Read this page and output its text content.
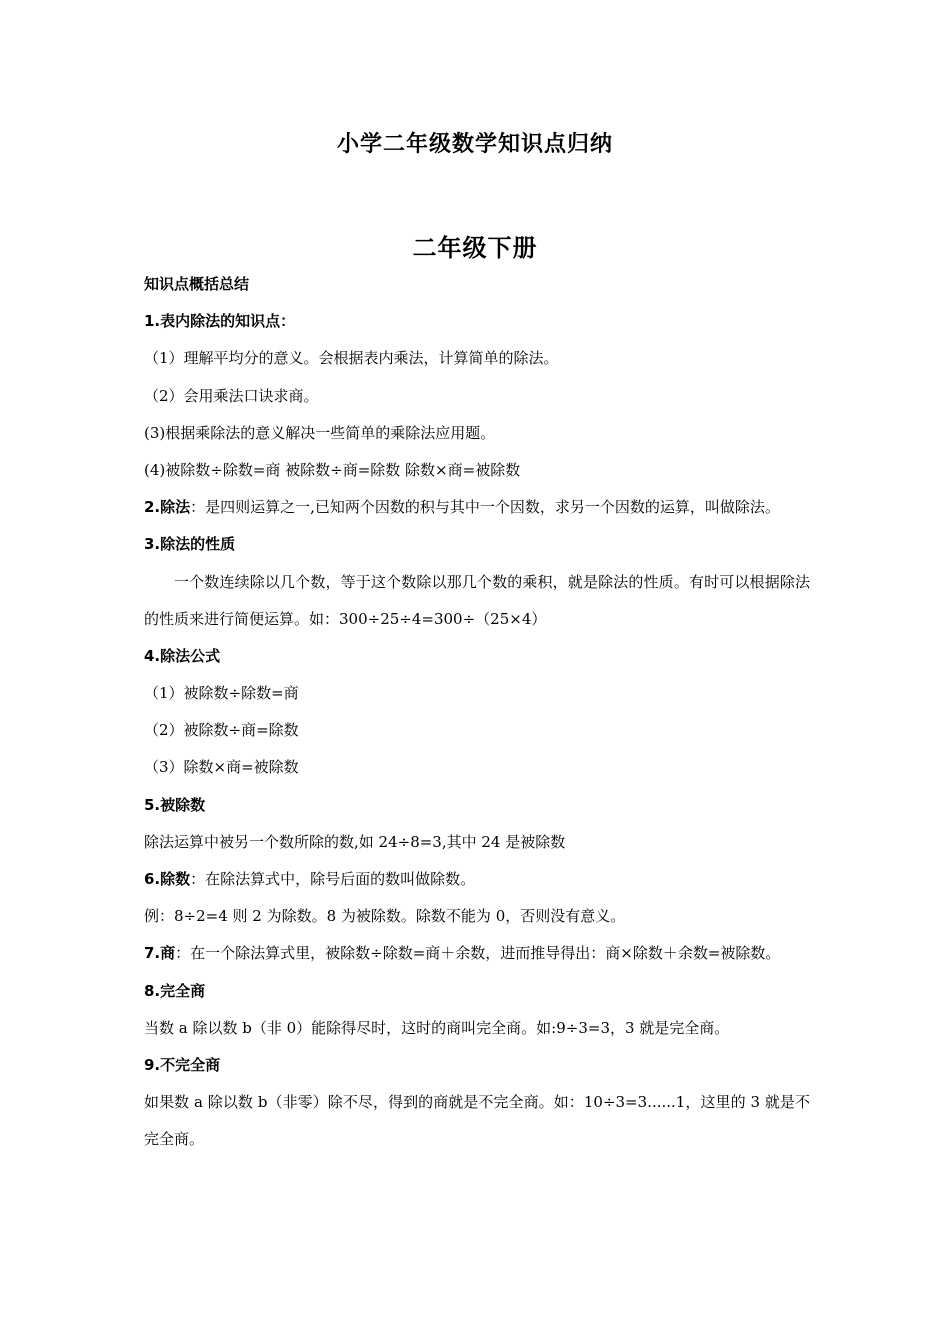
小学二年级数学知识点归纳
二年级下册
知识点概括总结
1.表内除法的知识点：
（1）理解平均分的意义。会根据表内乘法，计算简单的除法。
（2）会用乘法口诀求商。
(3)根据乘除法的意义解决一些简单的乘除法应用题。
(4)被除数÷除数=商 被除数÷商=除数 除数×商=被除数
2.除法：是四则运算之一,已知两个因数的积与其中一个因数，求另一个因数的运算，叫做除法。
3.除法的性质
一个数连续除以几个数，等于这个数除以那几个数的乘积，就是除法的性质。有时可以根据除法的性质来进行简便运算。如：300÷25÷4=300÷（25×4）
4.除法公式
（1）被除数÷除数=商
（2）被除数÷商=除数
（3）除数×商=被除数
5.被除数
除法运算中被另一个数所除的数,如 24÷8=3,其中 24 是被除数
6.除数：在除法算式中，除号后面的数叫做除数。
例：8÷2=4 则 2 为除数。8 为被除数。除数不能为 0，否则没有意义。
7.商：在一个除法算式里，被除数÷除数=商＋余数，进而推导得出：商×除数＋余数=被除数。
8.完全商
当数 a 除以数 b（非 0）能除得尽时，这时的商叫完全商。如:9÷3=3，3 就是完全商。
9.不完全商
如果数 a 除以数 b（非零）除不尽，得到的商就是不完全商。如：10÷3=3......1，这里的 3 就是不完全商。
